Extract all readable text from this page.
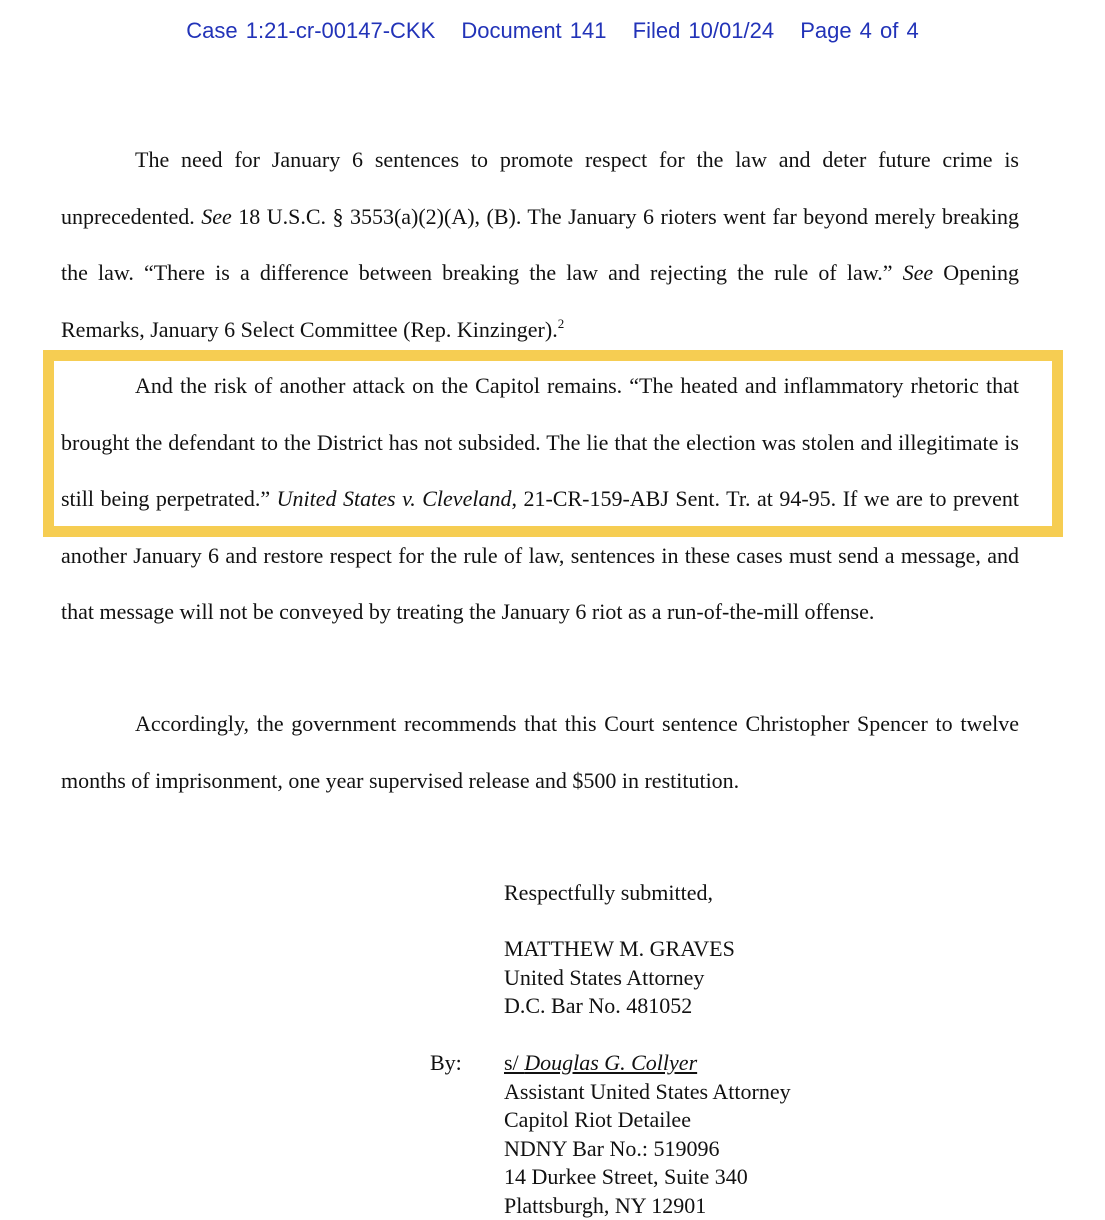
Case 1:21-cr-00147-CKK Document 141 Filed 10/01/24 Page 4 of 4

The need for January 6 sentences to promote respect for the law and deter future crime is unprecedented. See 18 U.S.C. § 3553(a)(2)(A), (B). The January 6 rioters went far beyond merely breaking the law. “There is a difference between breaking the law and rejecting the rule of law.” See Opening Remarks, January 6 Select Committee (Rep. Kinzinger).$^2$

And the risk of another attack on the Capitol remains. “The heated and inflammatory rhetoric that brought the defendant to the District has not subsided. The lie that the election was stolen and illegitimate is still being perpetrated.” United States v. Cleveland, 21-CR-159-ABJ Sent. Tr. at 94-95. If we are to prevent another January 6 and restore respect for the rule of law, sentences in these cases must send a message, and that message will not be conveyed by treating the January 6 riot as a run-of-the-mill offense.

Accordingly, the government recommends that this Court sentence Christopher Spencer to twelve months of imprisonment, one year supervised release and $500 in restitution.

Respectfully submitted,
MATTHEW M. GRAVES
United States Attorney
D.C. Bar No. 481052
By: s/ Douglas G. Collyer
Assistant United States Attorney
Capitol Riot Detailee
NDNY Bar No.: 519096
14 Durkee Street, Suite 340
Plattsburgh, NY 12901
